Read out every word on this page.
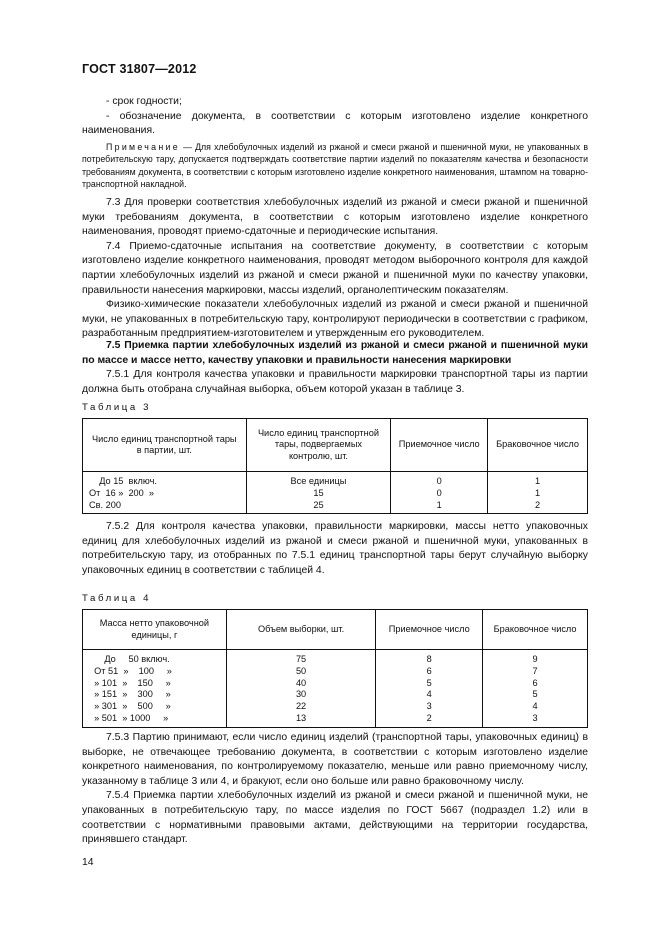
ГОСТ 31807—2012

- срок годности;

- обозначение документа, в соответствии с которым изготовлено изделие конкретного наименования.

Примечание — Для хлебобулочных изделий из ржаной и смеси ржаной и пшеничной муки, не упакованных в потребительскую тару, допускается подтверждать соответствие партии изделий по показателям качества и безопасности требованиям документа, в соответствии с которым изготовлено изделие конкретного наименования, штампом на товарно-транспортной накладной.

7.3 Для проверки соответствия хлебобулочных изделий из ржаной и смеси ржаной и пшеничной муки требованиям документа, в соответствии с которым изготовлено изделие конкретного наименования, проводят приемо-сдаточные и периодические испытания.

7.4 Приемо-сдаточные испытания на соответствие документу, в соответствии с которым изготовлено изделие конкретного наименования, проводят методом выборочного контроля для каждой партии хлебобулочных изделий из ржаной и смеси ржаной и пшеничной муки по качеству упаковки, правильности нанесения маркировки, массы изделий, органолептическим показателям.

Физико-химические показатели хлебобулочных изделий из ржаной и смеси ржаной и пшеничной муки, не упакованных в потребительскую тару, контролируют периодически в соответствии с графиком, разработанным предприятием-изготовителем и утвержденным его руководителем.

7.5 Приемка партии хлебобулочных изделий из ржаной и смеси ржаной и пшеничной муки по массе и массе нетто, качеству упаковки и правильности нанесения маркировки

7.5.1 Для контроля качества упаковки и правильности маркировки транспортной тары из партии должна быть отобрана случайная выборка, объем которой указан в таблице 3.

Таблица 3
Число единиц транспортной тары в партии, шт.	Число единиц транспортной тары, подвергаемых контролю, шт.	Приемочное число	Браковочное число
До 15  включ.	Все единицы	0	1
От  16 »  200  »	15	0	1
Св. 200	25	1	2

7.5.2 Для контроля качества упаковки, правильности маркировки, массы нетто упаковочных единиц для хлебобулочных изделий из ржаной и смеси ржаной и пшеничной муки, упакованных в потребительскую тару, из отобранных по 7.5.1 единиц транспортной тары берут случайную выборку упаковочных единиц в соответствии с таблицей 4.

Таблица 4
Масса нетто упаковочной единицы, г	Объем выборки, шт.	Приемочное число	Браковочное число
До     50 включ.	75	8	9
От 51  »    100     »	50	6	7
» 101  »    150     »	40	5	6
» 151  »    300     »	30	4	5
» 301  »    500     »	22	3	4
» 501  » 1000     »	13	2	3

7.5.3 Партию принимают, если число единиц изделий (транспортной тары, упаковочных единиц) в выборке, не отвечающее требованию документа, в соответствии с которым изготовлено изделие конкретного наименования, по контролируемому показателю, меньше или равно приемочному числу, указанному в таблице 3 или 4, и бракуют, если оно больше или равно браковочному числу.

7.5.4 Приемка партии хлебобулочных изделий из ржаной и смеси ржаной и пшеничной муки, не упакованных в потребительскую тару, по массе изделия по ГОСТ 5667 (подраздел 1.2) или в соответствии с нормативными правовыми актами, действующими на территории государства, принявшего стандарт.

14
